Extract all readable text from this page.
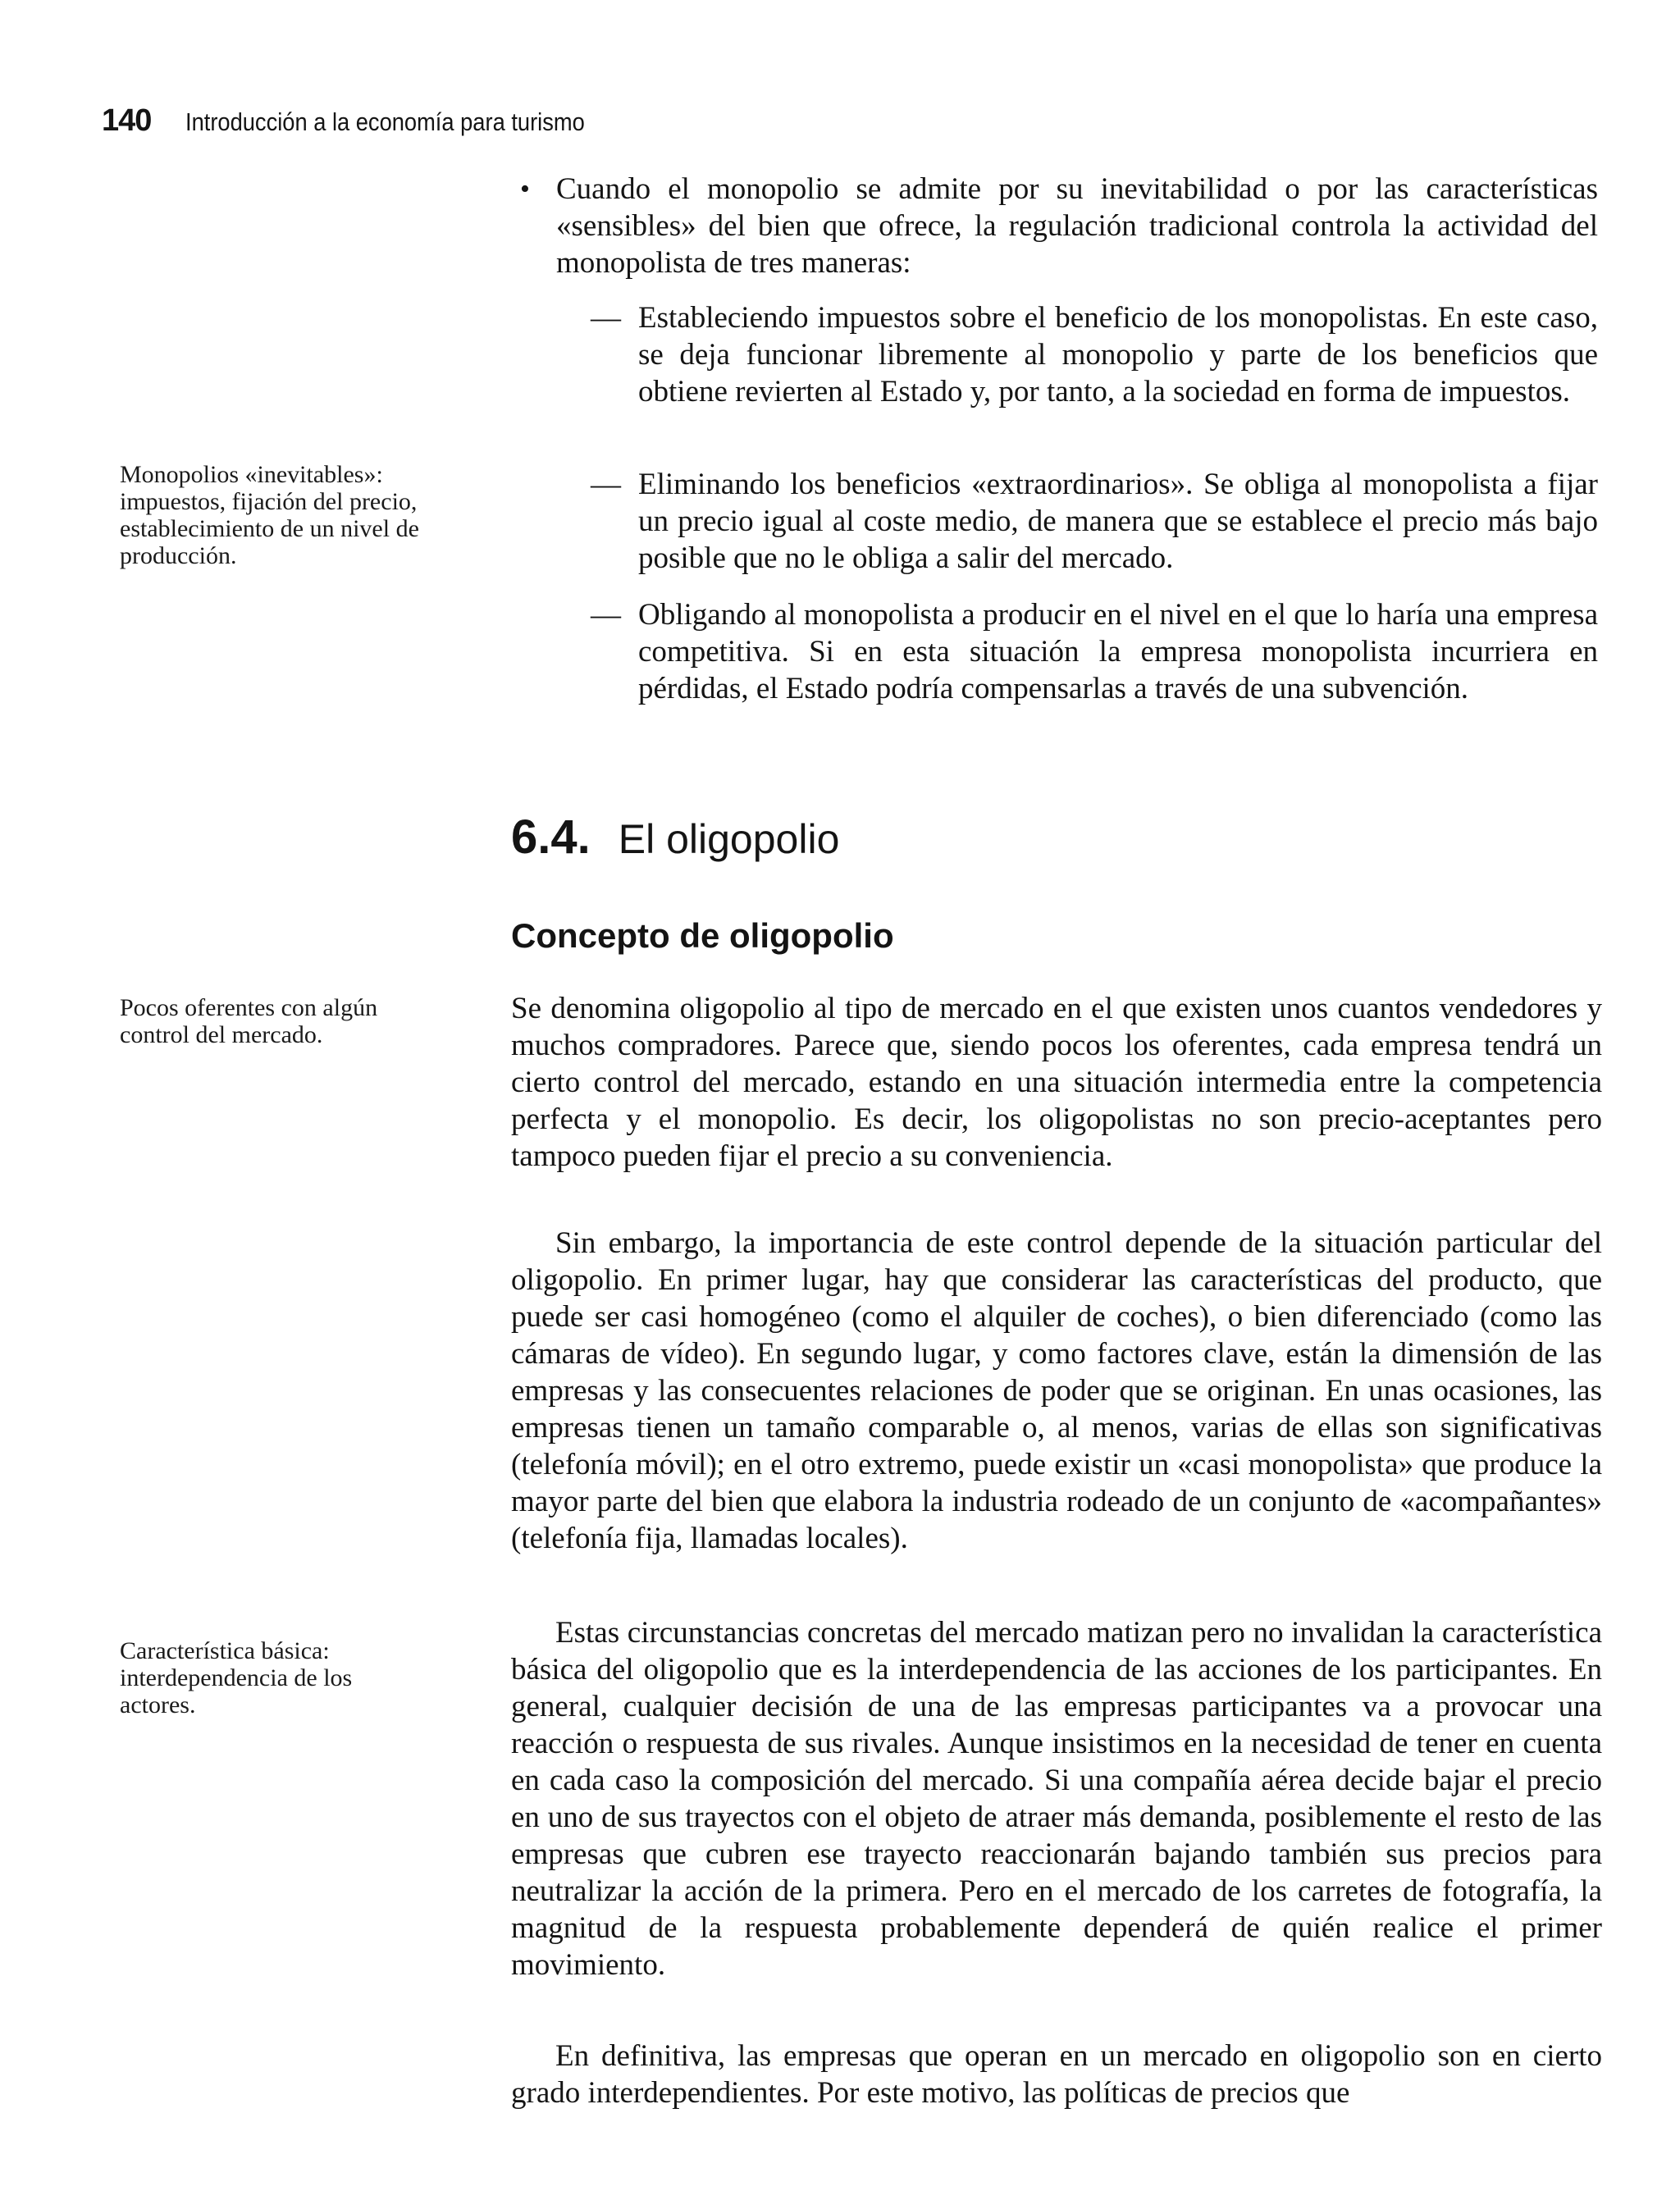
140 Introducción a la economía para turismo
Monopolios «inevitables»: impuestos, fijación del precio, establecimiento de un nivel de producción.
Pocos oferentes con algún control del mercado.
Característica básica: interdependencia de los actores.
• Cuando el monopolio se admite por su inevitabilidad o por las características «sensibles» del bien que ofrece, la regulación tradicional controla la actividad del monopolista de tres maneras:
— Estableciendo impuestos sobre el beneficio de los monopolistas. En este caso, se deja funcionar libremente al monopolio y parte de los beneficios que obtiene revierten al Estado y, por tanto, a la sociedad en forma de impuestos.
— Eliminando los beneficios «extraordinarios». Se obliga al monopolista a fijar un precio igual al coste medio, de manera que se establece el precio más bajo posible que no le obliga a salir del mercado.
— Obligando al monopolista a producir en el nivel en el que lo haría una empresa competitiva. Si en esta situación la empresa monopolista incurriera en pérdidas, el Estado podría compensarlas a través de una subvención.
6.4. El oligopolio
Concepto de oligopolio

Se denomina oligopolio al tipo de mercado en el que existen unos cuantos vendedores y muchos compradores. Parece que, siendo pocos los oferentes, cada empresa tendrá un cierto control del mercado, estando en una situación intermedia entre la competencia perfecta y el monopolio. Es decir, los oligopolistas no son precio-aceptantes pero tampoco pueden fijar el precio a su conveniencia.

Sin embargo, la importancia de este control depende de la situación particular del oligopolio. En primer lugar, hay que considerar las características del producto, que puede ser casi homogéneo (como el alquiler de coches), o bien diferenciado (como las cámaras de vídeo). En segundo lugar, y como factores clave, están la dimensión de las empresas y las consecuentes relaciones de poder que se originan. En unas ocasiones, las empresas tienen un tamaño comparable o, al menos, varias de ellas son significativas (telefonía móvil); en el otro extremo, puede existir un «casi monopolista» que produce la mayor parte del bien que elabora la industria rodeado de un conjunto de «acompañantes» (telefonía fija, llamadas locales).

Estas circunstancias concretas del mercado matizan pero no invalidan la característica básica del oligopolio que es la interdependencia de las acciones de los participantes. En general, cualquier decisión de una de las empresas participantes va a provocar una reacción o respuesta de sus rivales. Aunque insistimos en la necesidad de tener en cuenta en cada caso la composición del mercado. Si una compañía aérea decide bajar el precio en uno de sus trayectos con el objeto de atraer más demanda, posiblemente el resto de las empresas que cubren ese trayecto reaccionarán bajando también sus precios para neutralizar la acción de la primera. Pero en el mercado de los carretes de fotografía, la magnitud de la respuesta probablemente dependerá de quién realice el primer movimiento.

En definitiva, las empresas que operan en un mercado en oligopolio son en cierto grado interdependientes. Por este motivo, las políticas de precios que
